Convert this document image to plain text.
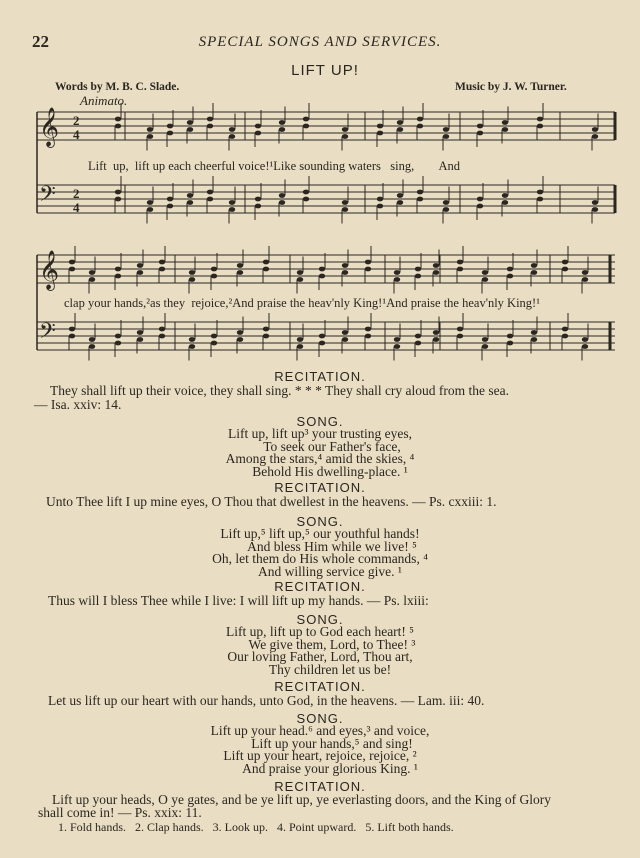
22	SPECIAL SONGS AND SERVICES.
LIFT UP!
Words by M. B. C. Slade.	Music by J. W. Turner.
Animato.
𝄞 2
4
𝄢 2
4
𝄞
𝄢
Lift  up,  lift up each cheerful voice!¹Like sounding waters   sing,        And
clap your hands,²as they  rejoice,²And praise the heav'nly King!¹And praise the heav'nly King!¹
RECITATION.
They shall lift up their voice, they shall sing. * * * They shall cry aloud from the sea.
— Isa. xxiv: 14.
SONG.
Lift up, lift up³ your trusting eyes,
To seek our Father's face,
Among the stars,⁴ amid the skies, ⁴
Behold His dwelling-place. ¹
RECITATION.
Unto Thee lift I up mine eyes, O Thou that dwellest in the heavens. — Ps. cxxiii: 1.
SONG.
Lift up,⁵ lift up,⁵ our youthful hands!
And bless Him while we live! ⁵
Oh, let them do His whole commands, ⁴
And willing service give. ¹
RECITATION.
Thus will I bless Thee while I live: I will lift up my hands. — Ps. lxiii:
SONG.
Lift up, lift up to God each heart! ⁵
We give them, Lord, to Thee! ³
Our loving Father, Lord, Thou art,
Thy children let us be!
RECITATION.
Let us lift up our heart with our hands, unto God, in the heavens. — Lam. iii: 40.
SONG.
Lift up your head.⁶ and eyes,³ and voice,
Lift up your hands,⁵ and sing!
Lift up your heart, rejoice, rejoice, ²
And praise your glorious King. ¹
RECITATION.
Lift up your heads, O ye gates, and be ye lift up, ye everlasting doors, and the King of Glory
shall come in! — Ps. xxix: 11.
1. Fold hands.   2. Clap hands.   3. Look up.   4. Point upward.   5. Lift both hands.
